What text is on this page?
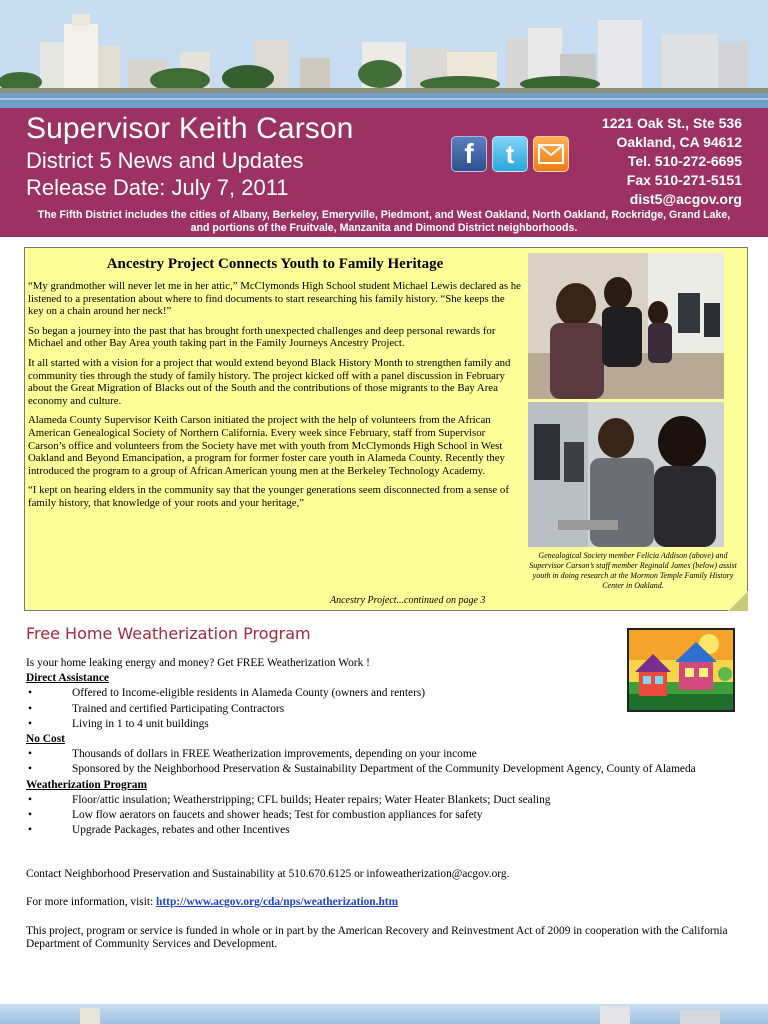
Supervisor Keith Carson
District 5 News and Updates
Release Date: July 7, 2011
f t
1221 Oak St., Ste 536
Oakland, CA 94612
Tel. 510-272-6695
Fax 510-271-5151
dist5@acgov.org
The Fifth District includes the cities of Albany, Berkeley, Emeryville, Piedmont, and West Oakland, North Oakland, Rockridge, Grand Lake, and portions of the Fruitvale, Manzanita and Dimond District neighborhoods.
Ancestry Project Connects Youth to Family Heritage

“My grandmother will never let me in her attic,” McClymonds High School student Michael Lewis declared as he listened to a presentation about where to find documents to start researching his family history. “She keeps the key on a chain around her neck!”

So began a journey into the past that has brought forth unexpected challenges and deep personal rewards for Michael and other Bay Area youth taking part in the Family Journeys Ancestry Project.

It all started with a vision for a project that would extend beyond Black History Month to strengthen family and community ties through the study of family history. The project kicked off with a panel discussion in February about the Great Migration of Blacks out of the South and the contributions of those migrants to the Bay Area economy and culture.

Alameda County Supervisor Keith Carson initiated the project with the help of volunteers from the African American Genealogical Society of Northern California. Every week since February, staff from Supervisor Carson’s office and volunteers from the Society have met with youth from McClymonds High School in West Oakland and Beyond Emancipation, a program for former foster care youth in Alameda County. Recently they introduced the program to a group of African American young men at the Berkeley Technology Academy.

“I kept on hearing elders in the community say that the younger generations seem disconnected from a sense of family history, that knowledge of your roots and your heritage,”

Ancestry Project...continued on page 3
Genealogical Society member Felicia Addison (above) and Supervisor Carson’s staff member Reginald James (below) assist youth in doing research at the Mormon Temple Family History Center in Oakland.
Free Home Weatherization Program
Is your home leaking energy and money? Get FREE Weatherization Work !
Direct Assistance
• Offered to Income-eligible residents in Alameda County (owners and renters)
• Trained and certified Participating Contractors
• Living in 1 to 4 unit buildings
No Cost
• Thousands of dollars in FREE Weatherization improvements, depending on your income
• Sponsored by the Neighborhood Preservation & Sustainability Department of the Community Development Agency, County of Alameda
Weatherization Program
• Floor/attic insulation; Weatherstripping; CFL builds; Heater repairs; Water Heater Blankets; Duct sealing
• Low flow aerators on faucets and shower heads; Test for combustion appliances for safety
• Upgrade Packages, rebates and other Incentives
Contact Neighborhood Preservation and Sustainability at 510.670.6125 or infoweatherization@acgov.org.
For more information, visit: http://www.acgov.org/cda/nps/weatherization.htm
This project, program or service is funded in whole or in part by the American Recovery and Reinvestment Act of 2009 in cooperation with the California Department of Community Services and Development.
